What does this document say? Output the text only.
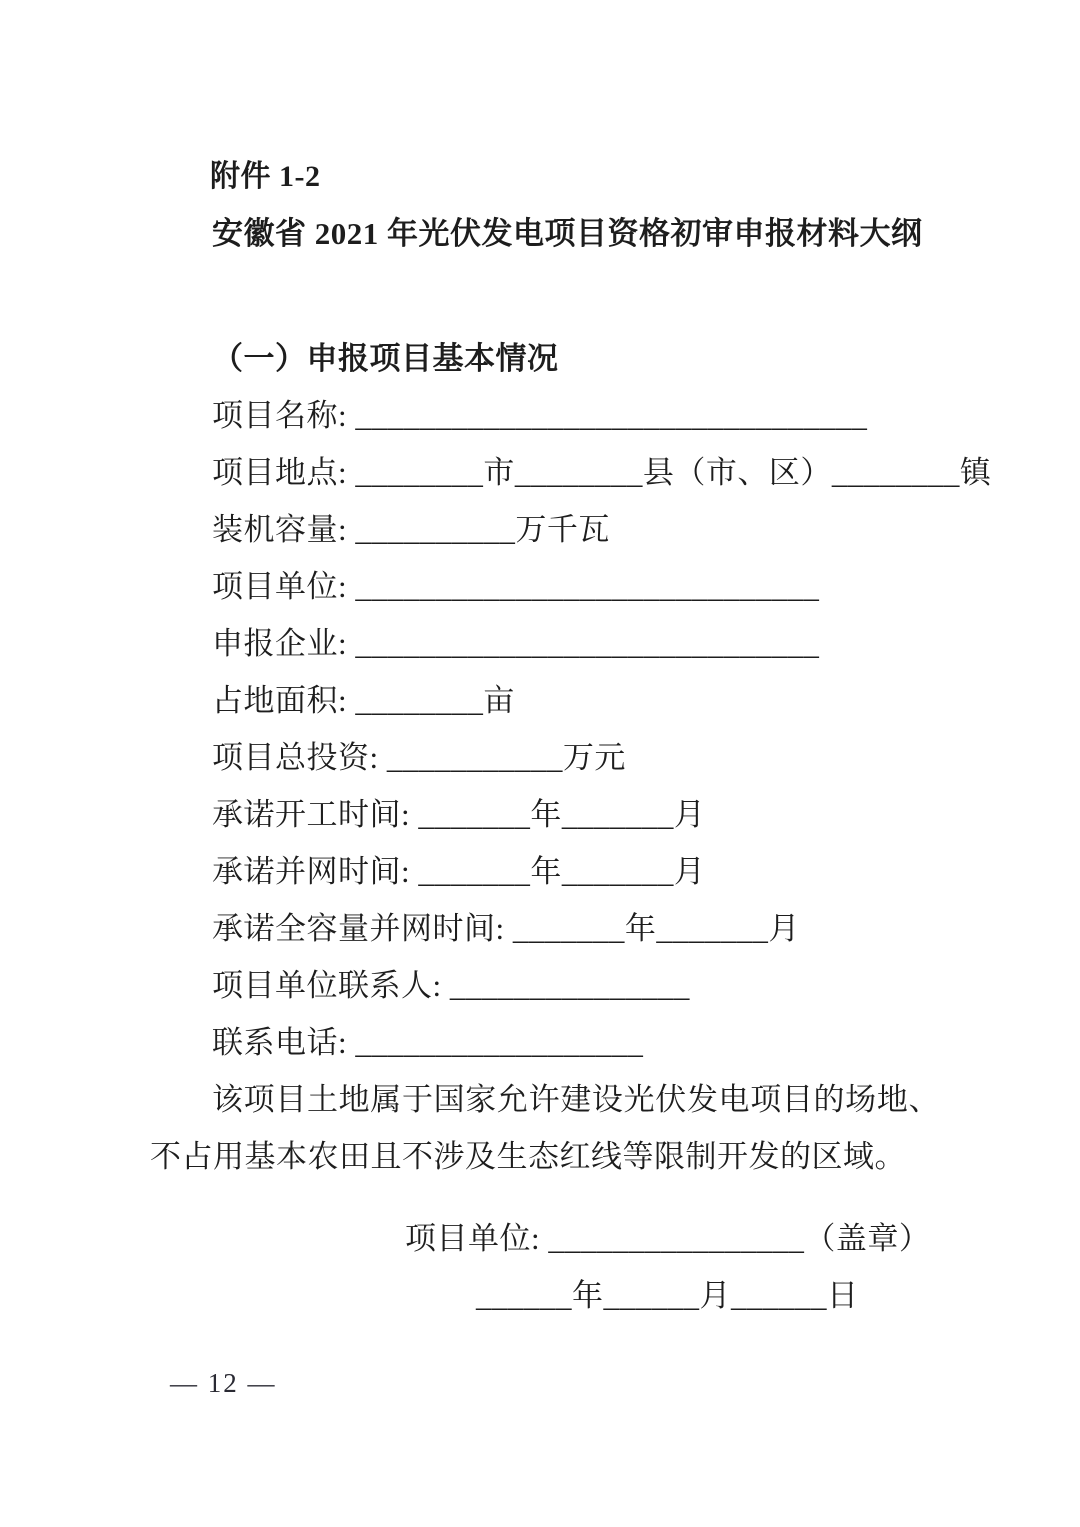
附件 1-2
安徽省 2021 年光伏发电项目资格初审申报材料大纲
（一）申报项目基本情况
项目名称: ________________________________
项目地点: ________市________县（市、区）________镇
装机容量: __________万千瓦
项目单位: _____________________________
申报企业: _____________________________
占地面积: ________亩
项目总投资: ___________万元
承诺开工时间: _______年_______月
承诺并网时间: _______年_______月
承诺全容量并网时间: _______年_______月
项目单位联系人: _______________
联系电话: __________________
该项目土地属于国家允许建设光伏发电项目的场地、不占用基本农田且不涉及生态红线等限制开发的区域。
项目单位: ________________（盖章）
______年______月______日
— 12 —
